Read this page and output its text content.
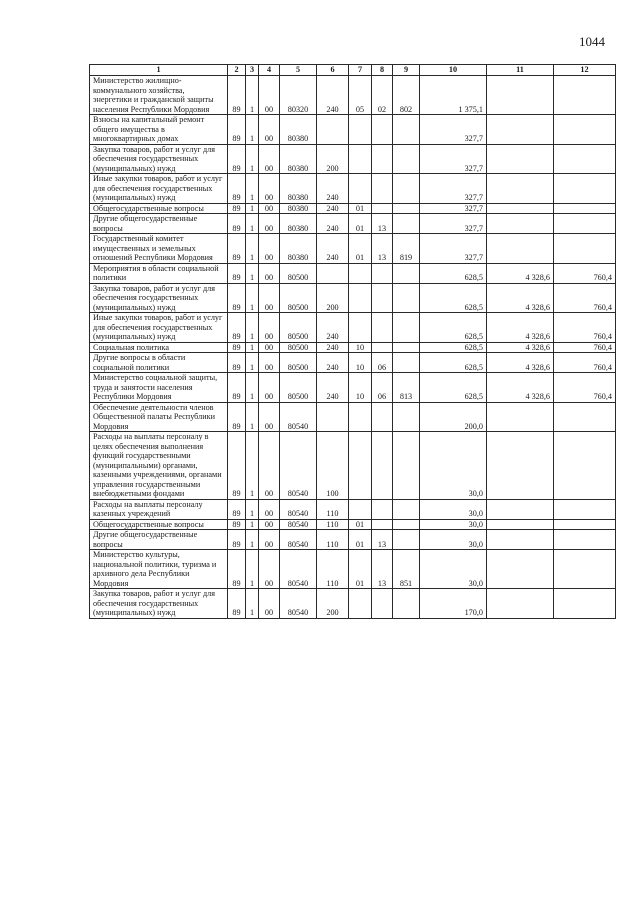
1044
1	2	3	4	5	6	7	8	9	10	11	12
Министерство жилищно-коммунального хозяйства, энергетики и гражданской защиты населения Республики Мордовия	89	1	00	80320	240	05	02	802	1 375,1		
Взносы на капитальный ремонт общего имущества в многоквартирных домах	89	1	00	80380					327,7		
Закупка товаров, работ и услуг для обеспечения государственных (муниципальных) нужд	89	1	00	80380	200				327,7		
Иные закупки товаров, работ и услуг для обеспечения государственных (муниципальных) нужд	89	1	00	80380	240				327,7		
Общегосударственные вопросы	89	1	00	80380	240	01			327,7		
Другие общегосударственные вопросы	89	1	00	80380	240	01	13		327,7		
Государственный комитет имущественных и земельных отношений Республики Мордовия	89	1	00	80380	240	01	13	819	327,7		
Мероприятия в области социальной политики	89	1	00	80500					628,5	4 328,6	760,4
Закупка товаров, работ и услуг для обеспечения государственных (муниципальных) нужд	89	1	00	80500	200				628,5	4 328,6	760,4
Иные закупки товаров, работ и услуг для обеспечения государственных (муниципальных) нужд	89	1	00	80500	240				628,5	4 328,6	760,4
Социальная политика	89	1	00	80500	240	10			628,5	4 328,6	760,4
Другие вопросы в области социальной политики	89	1	00	80500	240	10	06		628,5	4 328,6	760,4
Министерство социальной защиты, труда и занятости населения Республики Мордовия	89	1	00	80500	240	10	06	813	628,5	4 328,6	760,4
Обеспечение деятельности членов Общественной палаты Республики Мордовия	89	1	00	80540					200,0		
Расходы на выплаты персоналу в целях обеспечения выполнения функций государственными (муниципальными) органами, казенными учреждениями, органами управления государственными внебюджетными фондами	89	1	00	80540	100				30,0		
Расходы на выплаты персоналу казенных учреждений	89	1	00	80540	110				30,0		
Общегосударственные вопросы	89	1	00	80540	110	01			30,0		
Другие общегосударственные вопросы	89	1	00	80540	110	01	13		30,0		
Министерство культуры, национальной политики, туризма и архивного дела Республики Мордовия	89	1	00	80540	110	01	13	851	30,0		
Закупка товаров, работ и услуг для обеспечения государственных (муниципальных) нужд	89	1	00	80540	200				170,0		
